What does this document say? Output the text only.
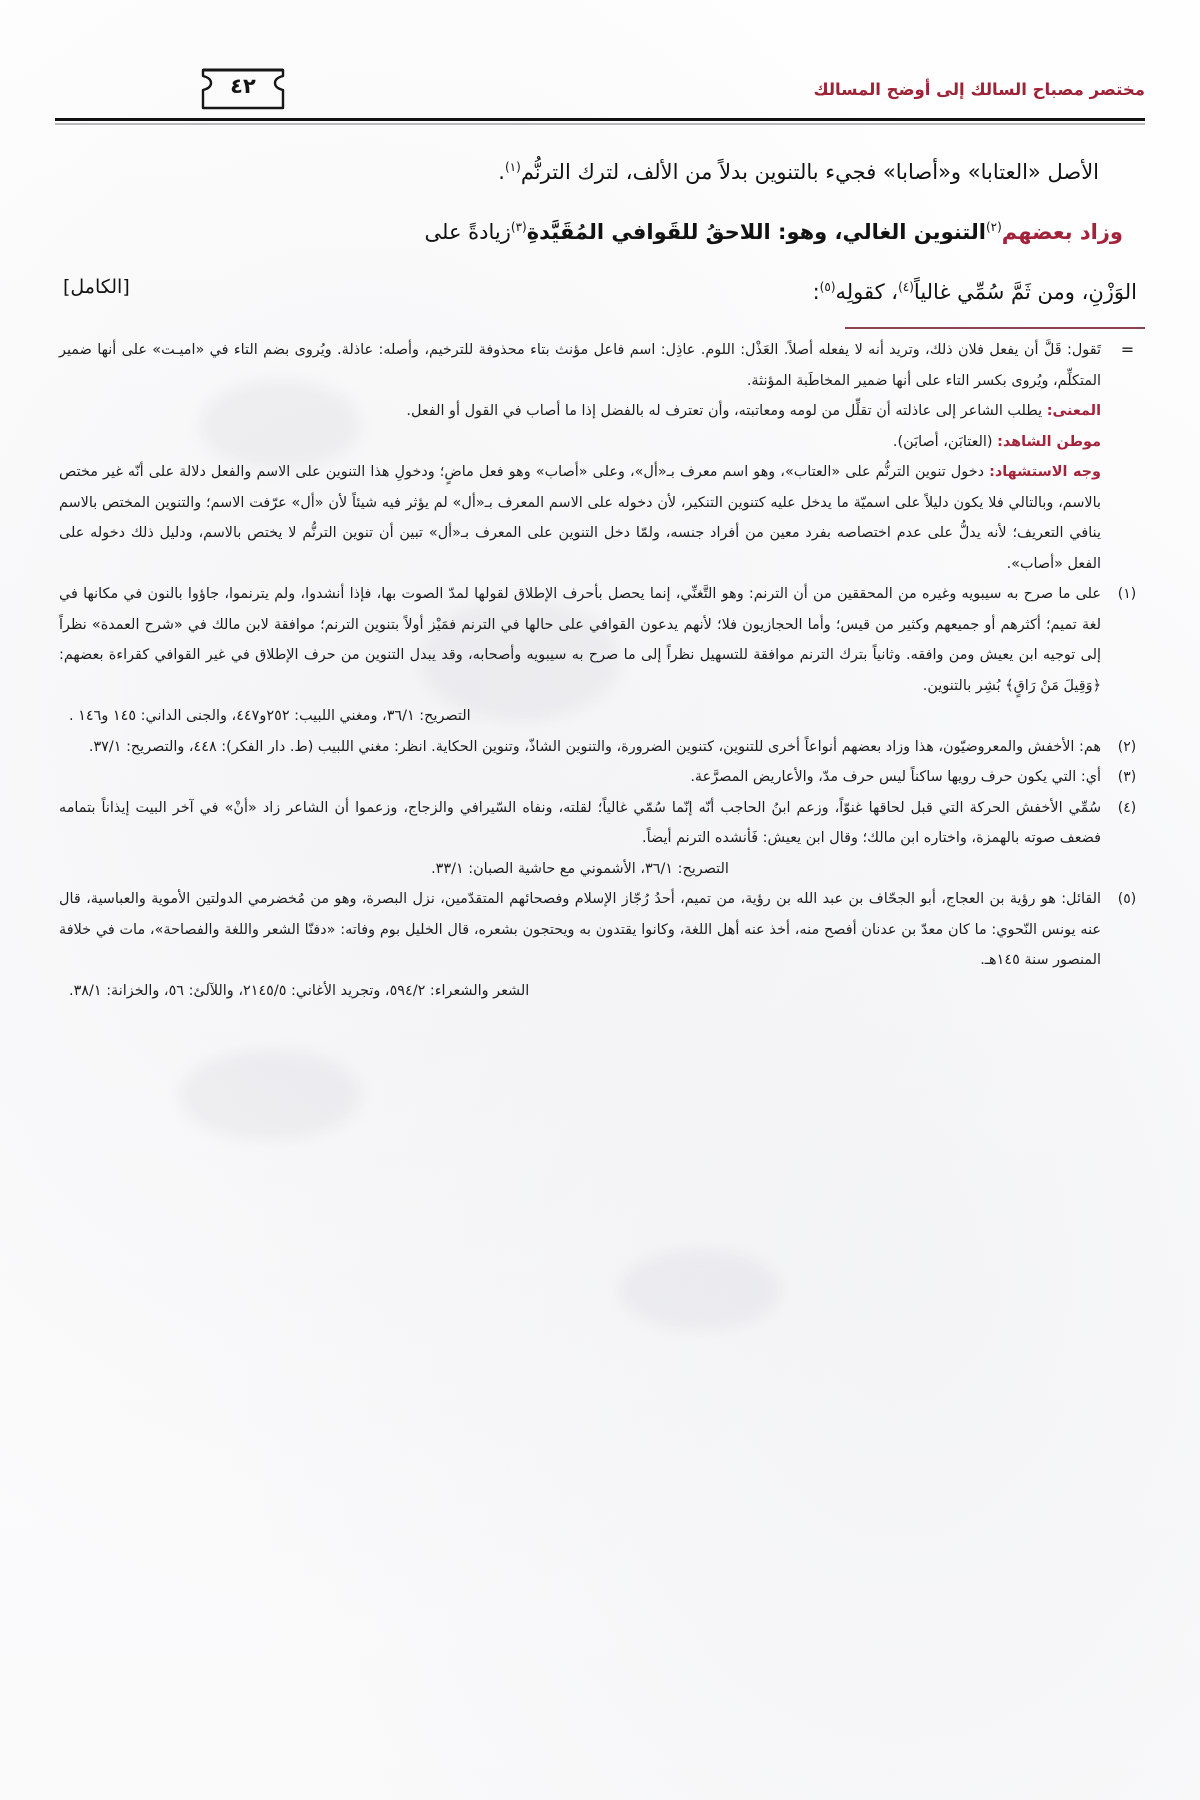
مختصر مصباح السالك إلى أوضح المسالك
٤٢
الأصل «العتابا» و«أصابا» فجيء بالتنوين بدلاً من الألف، لترك الترنُّم$^{(١)}$.
وزاد بعضهم$^{(٢)}$التنوين الغالي، وهو: اللاحقُ للقَوافي المُقَيَّدةِ$^{(٣)}$زيادةً على
[الكامل]	الوَزْنِ، ومن ثَمَّ سُمِّي غالياً$^{(٤)}$، كقولِه$^{(٥)}$:
=
تَقول: قَلَّ أن يفعل فلان ذلك، وتريد أنه لا يفعله أصلاً. العَذْل: اللوم. عاذِل: اسم فاعل مؤنث بتاء محذوفة للترخيم، وأصله: عاذلة. ويُروى بضم التاء في «اميـت» على أنها ضمير المتكلِّم، ويُروى بكسر التاء على أنها ضمير المخاطَبة المؤنثة.
المعنى: يطلب الشاعر إلى عاذلته أن تقلِّل من لومه ومعاتبته، وأن تعترف له بالفضل إذا ما أصاب في القول أو الفعل.
موطن الشاهد: (العتابَن، أصابَن).
وجه الاستشهاد: دخول تنوين الترنُّم على «العتاب»، وهو اسم معرف بـ«أل»، وعلى «أصاب» وهو فعل ماضٍ؛ ودخولِ هذا التنوين على الاسم والفعل دلالة على أنّه غير مختص بالاسم، وبالتالي فلا يكون دليلاً على اسميّة ما يدخل عليه كتنوين التنكير، لأن دخوله على الاسم المعرف بـ«أل» لم يؤثر فيه شيئاً لأن «أل» عرّفت الاسم؛ والتنوين المختص بالاسم ينافي التعريف؛ لأنه يدلُّ على عدم اختصاصه بفرد معين من أفراد جنسه، ولمّا دخل التنوين على المعرف بـ«أل» تبين أن تنوين الترنُّم لا يختص بالاسم، ودليل ذلك دخوله على الفعل «أصاب».
(١)
على ما صرح به سيبويه وغيره من المحققين من أن الترنم: وهو التَّغنِّي، إنما يحصل بأحرف الإطلاق لقولها لمدّ الصوت بها، فإذا أنشدوا، ولم يترنموا، جاؤوا بالنون في مكانها في لغة تميم؛ أكثرهم أو جميعهم وكثير من قيس؛ وأما الحجازيون فلا؛ لأنهم يدعون القوافي على حالها في الترنم فمَيْز أولاً بتنوين الترنم؛ موافقة لابن مالك في «شرح العمدة» نظراً إلى توجيه ابن يعيش ومن وافقه. وثانياً بترك الترنم موافقة للتسهيل نظراً إلى ما صرح به سيبويه وأصحابه، وقد يبدل التنوين من حرف الإطلاق في غير القوافي كقراءة بعضهم: ﴿وَقِيلَ مَنْ رَاقٍ﴾ بُشِر بالتنوين.
التصريح: ٣٦/١، ومغني اللبيب: ٢٥٢و٤٤٧، والجنى الداني: ١٤٥ و١٤٦ .
(٢)
هم: الأخفش والمعروضيّون، هذا وزاد بعضهم أنواعاً أخرى للتنوين، كتنوين الضرورة، والتنوين الشاذّ، وتنوين الحكاية. انظر: مغني اللبيب (ط. دار الفكر): ٤٤٨، والتصريح: ٣٧/١.
(٣)
أي: التي يكون حرف رويها ساكناً ليس حرف مدّ، والأعاريض المصرَّعة.
(٤)
سُمِّي الأخفش الحركة التي قبل لحاقها غنوّاً، وزعم ابنُ الحاجب أنّه إنّما سُمّي غالياً؛ لقلته، ونفاه السّيرافي والزجاج، وزعموا أن الشاعر زاد «أنْ» في آخر البيت إيذاناً بتمامه فضعف صوته بالهمزة، واختاره ابن مالك؛ وقال ابن يعيش: فَأنشده الترنم أيضاً.
التصريح: ٣٦/١، الأشموني مع حاشية الصبان: ٣٣/١.
(٥)
القائل: هو رؤية بن العجاج، أبو الجحّاف بن عبد الله بن رؤية، من تميم، أحدُ رُجّاز الإسلام وفصحائهم المتقدّمين، نزل البصرة، وهو من مُخضرمي الدولتين الأموية والعباسية، قال عنه يونس النّحوي: ما كان معدّ بن عدنان أفصح منه، أخذ عنه أهل اللغة، وكانوا يقتدون به ويحتجون بشعره، قال الخليل بوم وفاته: «دفنّا الشعر واللغة والفصاحة»، مات في خلافة المنصور سنة ١٤٥هـ.
الشعر والشعراء: ٥٩٤/٢، وتجريد الأغاني: ٢١٤٥/٥، واللآلئ: ٥٦، والخزانة: ٣٨/١.
